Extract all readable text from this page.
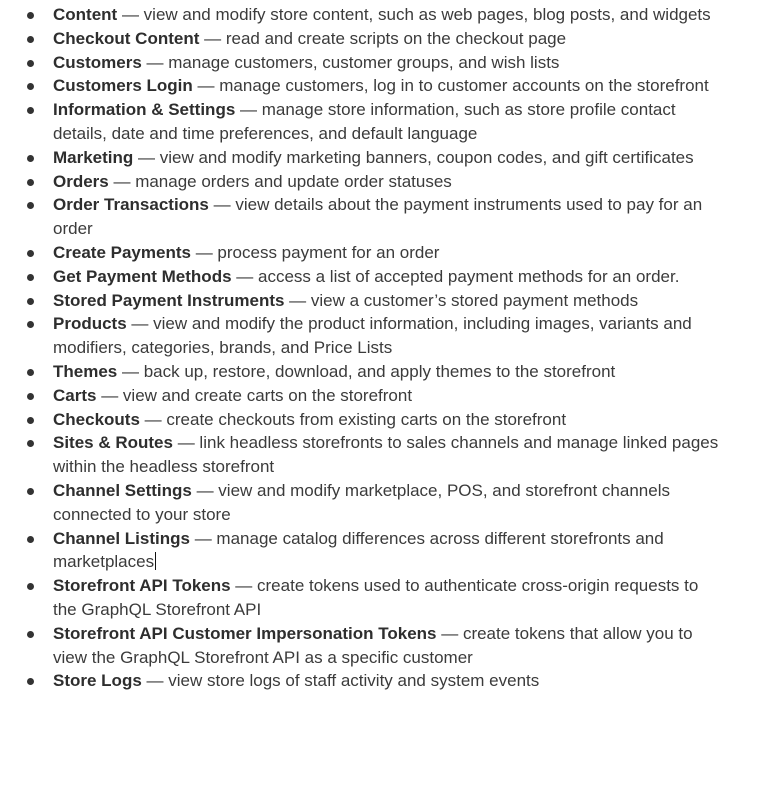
Content — view and modify store content, such as web pages, blog posts, and widgets
Checkout Content — read and create scripts on the checkout page
Customers — manage customers, customer groups, and wish lists
Customers Login — manage customers, log in to customer accounts on the storefront
Information & Settings — manage store information, such as store profile contact details, date and time preferences, and default language
Marketing — view and modify marketing banners, coupon codes, and gift certificates
Orders — manage orders and update order statuses
Order Transactions — view details about the payment instruments used to pay for an order
Create Payments — process payment for an order
Get Payment Methods — access a list of accepted payment methods for an order.
Stored Payment Instruments — view a customer’s stored payment methods
Products — view and modify the product information, including images, variants and modifiers, categories, brands, and Price Lists
Themes — back up, restore, download, and apply themes to the storefront
Carts — view and create carts on the storefront
Checkouts — create checkouts from existing carts on the storefront
Sites & Routes — link headless storefronts to sales channels and manage linked pages within the headless storefront
Channel Settings — view and modify marketplace, POS, and storefront channels connected to your store
Channel Listings — manage catalog differences across different storefronts and marketplaces
Storefront API Tokens — create tokens used to authenticate cross-origin requests to the GraphQL Storefront API
Storefront API Customer Impersonation Tokens — create tokens that allow you to view the GraphQL Storefront API as a specific customer
Store Logs — view store logs of staff activity and system events
